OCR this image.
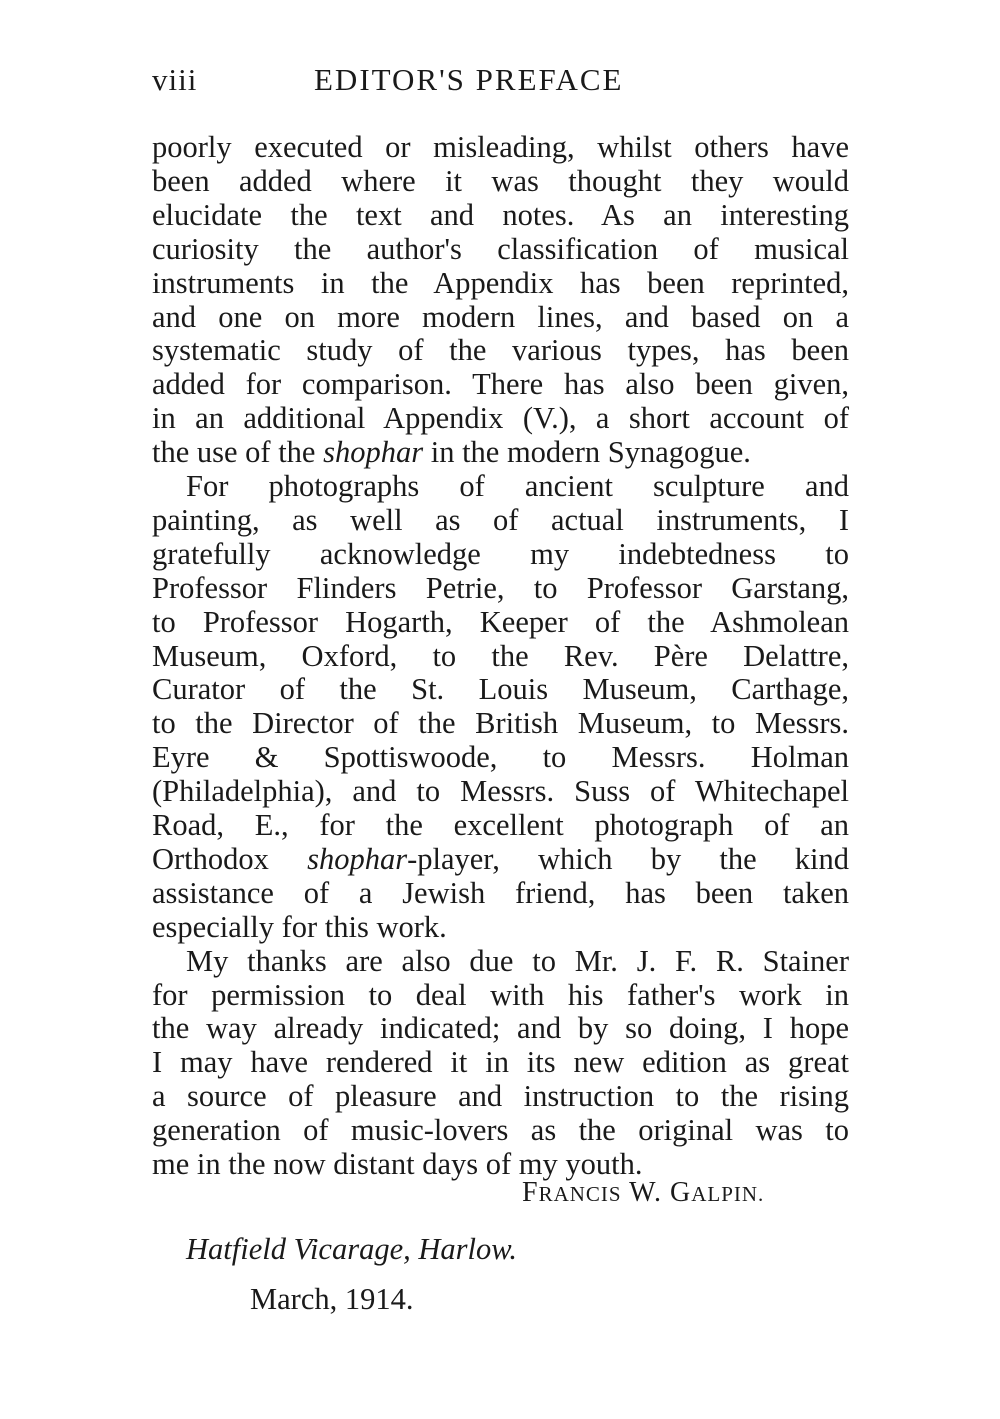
viii	EDITOR'S PREFACE
poorly executed or misleading, whilst others have
been added where it was thought they would
elucidate the text and notes. As an interesting
curiosity the author's classification of musical
instruments in the Appendix has been reprinted,
and one on more modern lines, and based on a
systematic study of the various types, has been
added for comparison. There has also been given,
in an additional Appendix (V.), a short account of
the use of the shophar in the modern Synagogue.
For photographs of ancient sculpture and
painting, as well as of actual instruments, I
gratefully acknowledge my indebtedness to
Professor Flinders Petrie, to Professor Garstang,
to Professor Hogarth, Keeper of the Ashmolean
Museum, Oxford, to the Rev. Père Delattre,
Curator of the St. Louis Museum, Carthage,
to the Director of the British Museum, to Messrs.
Eyre & Spottiswoode, to Messrs. Holman
(Philadelphia), and to Messrs. Suss of Whitechapel
Road, E., for the excellent photograph of an
Orthodox shophar-player, which by the kind
assistance of a Jewish friend, has been taken
especially for this work.
My thanks are also due to Mr. J. F. R. Stainer
for permission to deal with his father's work in
the way already indicated; and by so doing, I hope
I may have rendered it in its new edition as great
a source of pleasure and instruction to the rising
generation of music-lovers as the original was to
me in the now distant days of my youth.
FRANCIS W. GALPIN.
Hatfield Vicarage, Harlow.
March, 1914.
